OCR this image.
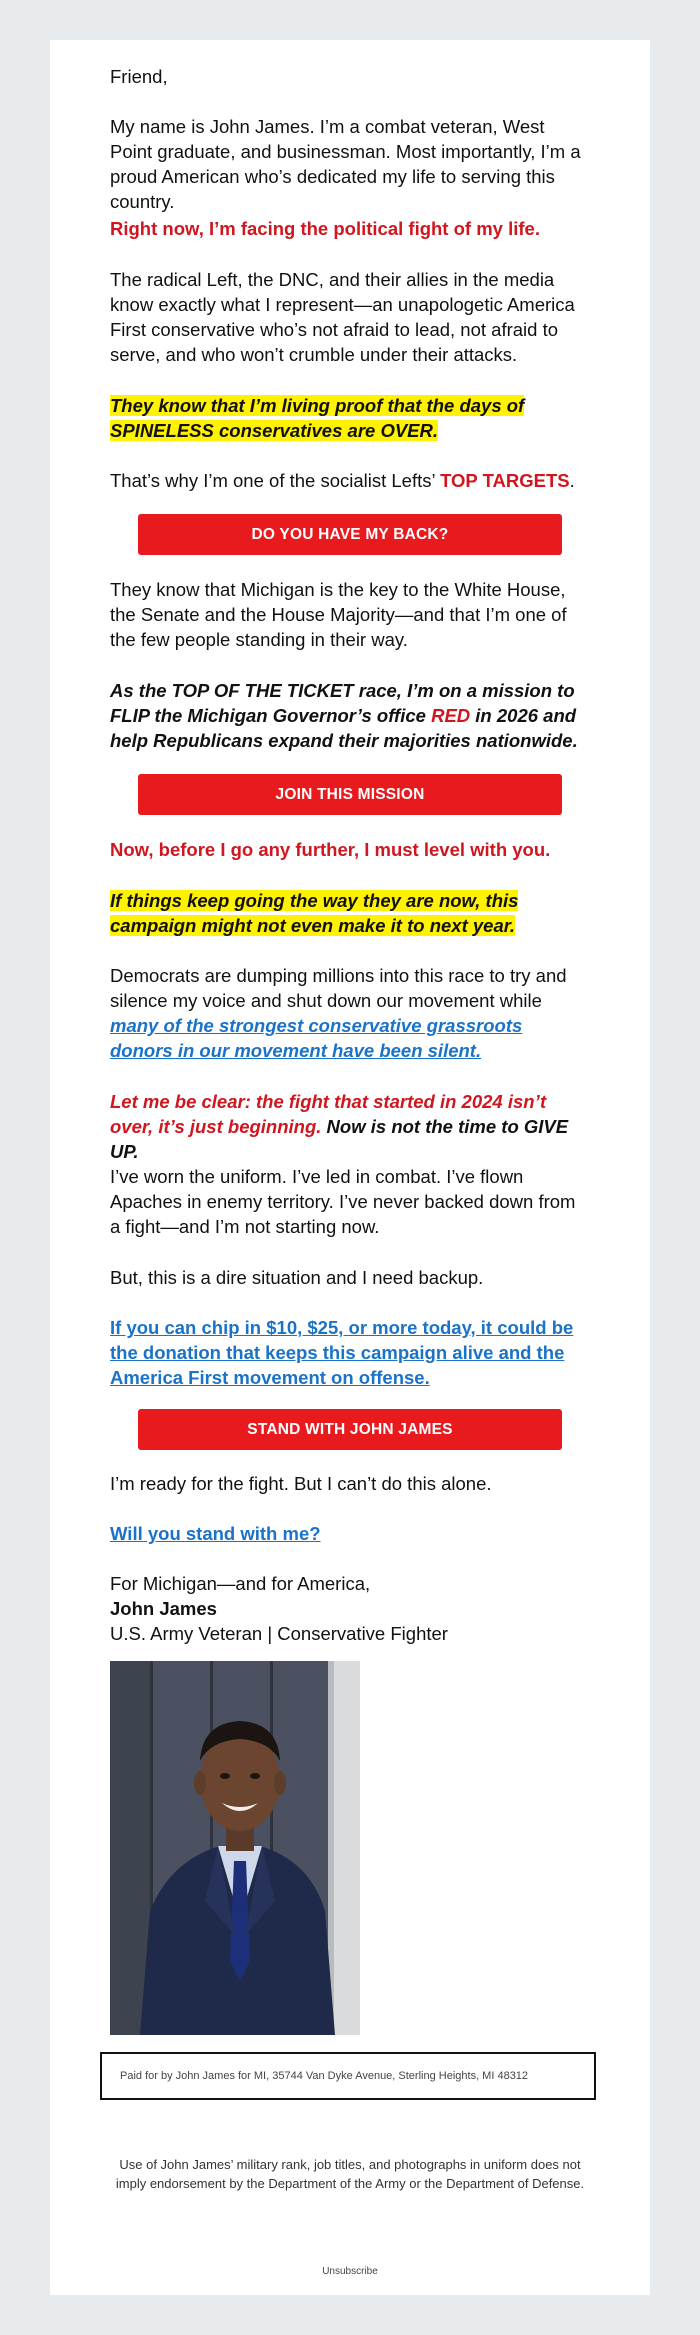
Friend,

My name is John James. I’m a combat veteran, West Point graduate, and businessman. Most importantly, I’m a proud American who’s dedicated my life to serving this country.

Right now, I’m facing the political fight of my life.

The radical Left, the DNC, and their allies in the media know exactly what I represent—an unapologetic America First conservative who’s not afraid to lead, not afraid to serve, and who won’t crumble under their attacks.

They know that I’m living proof that the days of SPINELESS conservatives are OVER.

That’s why I’m one of the socialist Lefts’ TOP TARGETS.

DO YOU HAVE MY BACK?

They know that Michigan is the key to the White House, the Senate and the House Majority—and that I’m one of the few people standing in their way.

As the TOP OF THE TICKET race, I’m on a mission to FLIP the Michigan Governor’s office RED in 2026 and help Republicans expand their majorities nationwide.

JOIN THIS MISSION

Now, before I go any further, I must level with you.

If things keep going the way they are now, this campaign might not even make it to next year.

Democrats are dumping millions into this race to try and silence my voice and shut down our movement while many of the strongest conservative grassroots donors in our movement have been silent.

Let me be clear: the fight that started in 2024 isn’t over, it’s just beginning. Now is not the time to GIVE UP.

I’ve worn the uniform. I’ve led in combat. I’ve flown Apaches in enemy territory. I’ve never backed down from a fight—and I’m not starting now.

But, this is a dire situation and I need backup.

If you can chip in $10, $25, or more today, it could be the donation that keeps this campaign alive and the America First movement on offense.

STAND WITH JOHN JAMES

I’m ready for the fight. But I can’t do this alone.

Will you stand with me?

For Michigan—and for America,

John James

U.S. Army Veteran | Conservative Fighter

Paid for by John James for MI, 35744 Van Dyke Avenue, Sterling Heights, MI 48312
Use of John James’ military rank, job titles, and photographs in uniform does not imply endorsement by the Department of the Army or the Department of Defense.
Unsubscribe
